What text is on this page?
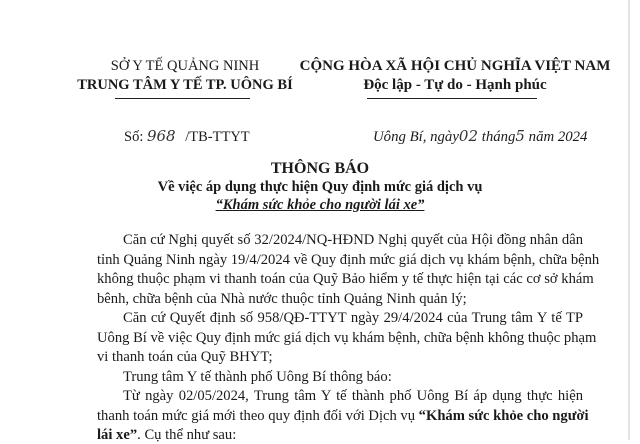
SỞ Y TẾ QUẢNG NINH
TRUNG TÂM Y TẾ TP. UÔNG BÍ
CỘNG HÒA XÃ HỘI CHỦ NGHĨA VIỆT NAM
Độc lập - Tự do - Hạnh phúc
Số: 968 /TB-TTYT	Uông Bí, ngày02 tháng5 năm 2024
THÔNG BÁO
Về việc áp dụng thực hiện Quy định mức giá dịch vụ
“Khám sức khỏe cho người lái xe”
Căn cứ Nghị quyết số 32/2024/NQ-HĐND Nghị quyết của Hội đồng nhân dân
tỉnh Quảng Ninh ngày 19/4/2024 về Quy định mức giá dịch vụ khám bệnh, chữa bệnh
không thuộc phạm vi thanh toán của Quỹ Bảo hiểm y tế thực hiện tại các cơ sở khám
bênh, chữa bệnh của Nhà nước thuộc tỉnh Quảng Ninh quản lý;
Căn cứ Quyết định số 958/QĐ-TTYT ngày 29/4/2024 của Trung tâm Y tế TP
Uông Bí về việc Quy định mức giá dịch vụ khám bệnh, chữa bệnh không thuộc phạm
vi thanh toán của Quỹ BHYT;
Trung tâm Y tế thành phố Uông Bí thông báo:
Từ ngày 02/05/2024, Trung tâm Y tế thành phố Uông Bí áp dụng thực hiện
thanh toán mức giá mới theo quy định đối với Dịch vụ “Khám sức khỏe cho người
lái xe”. Cụ thể như sau:
